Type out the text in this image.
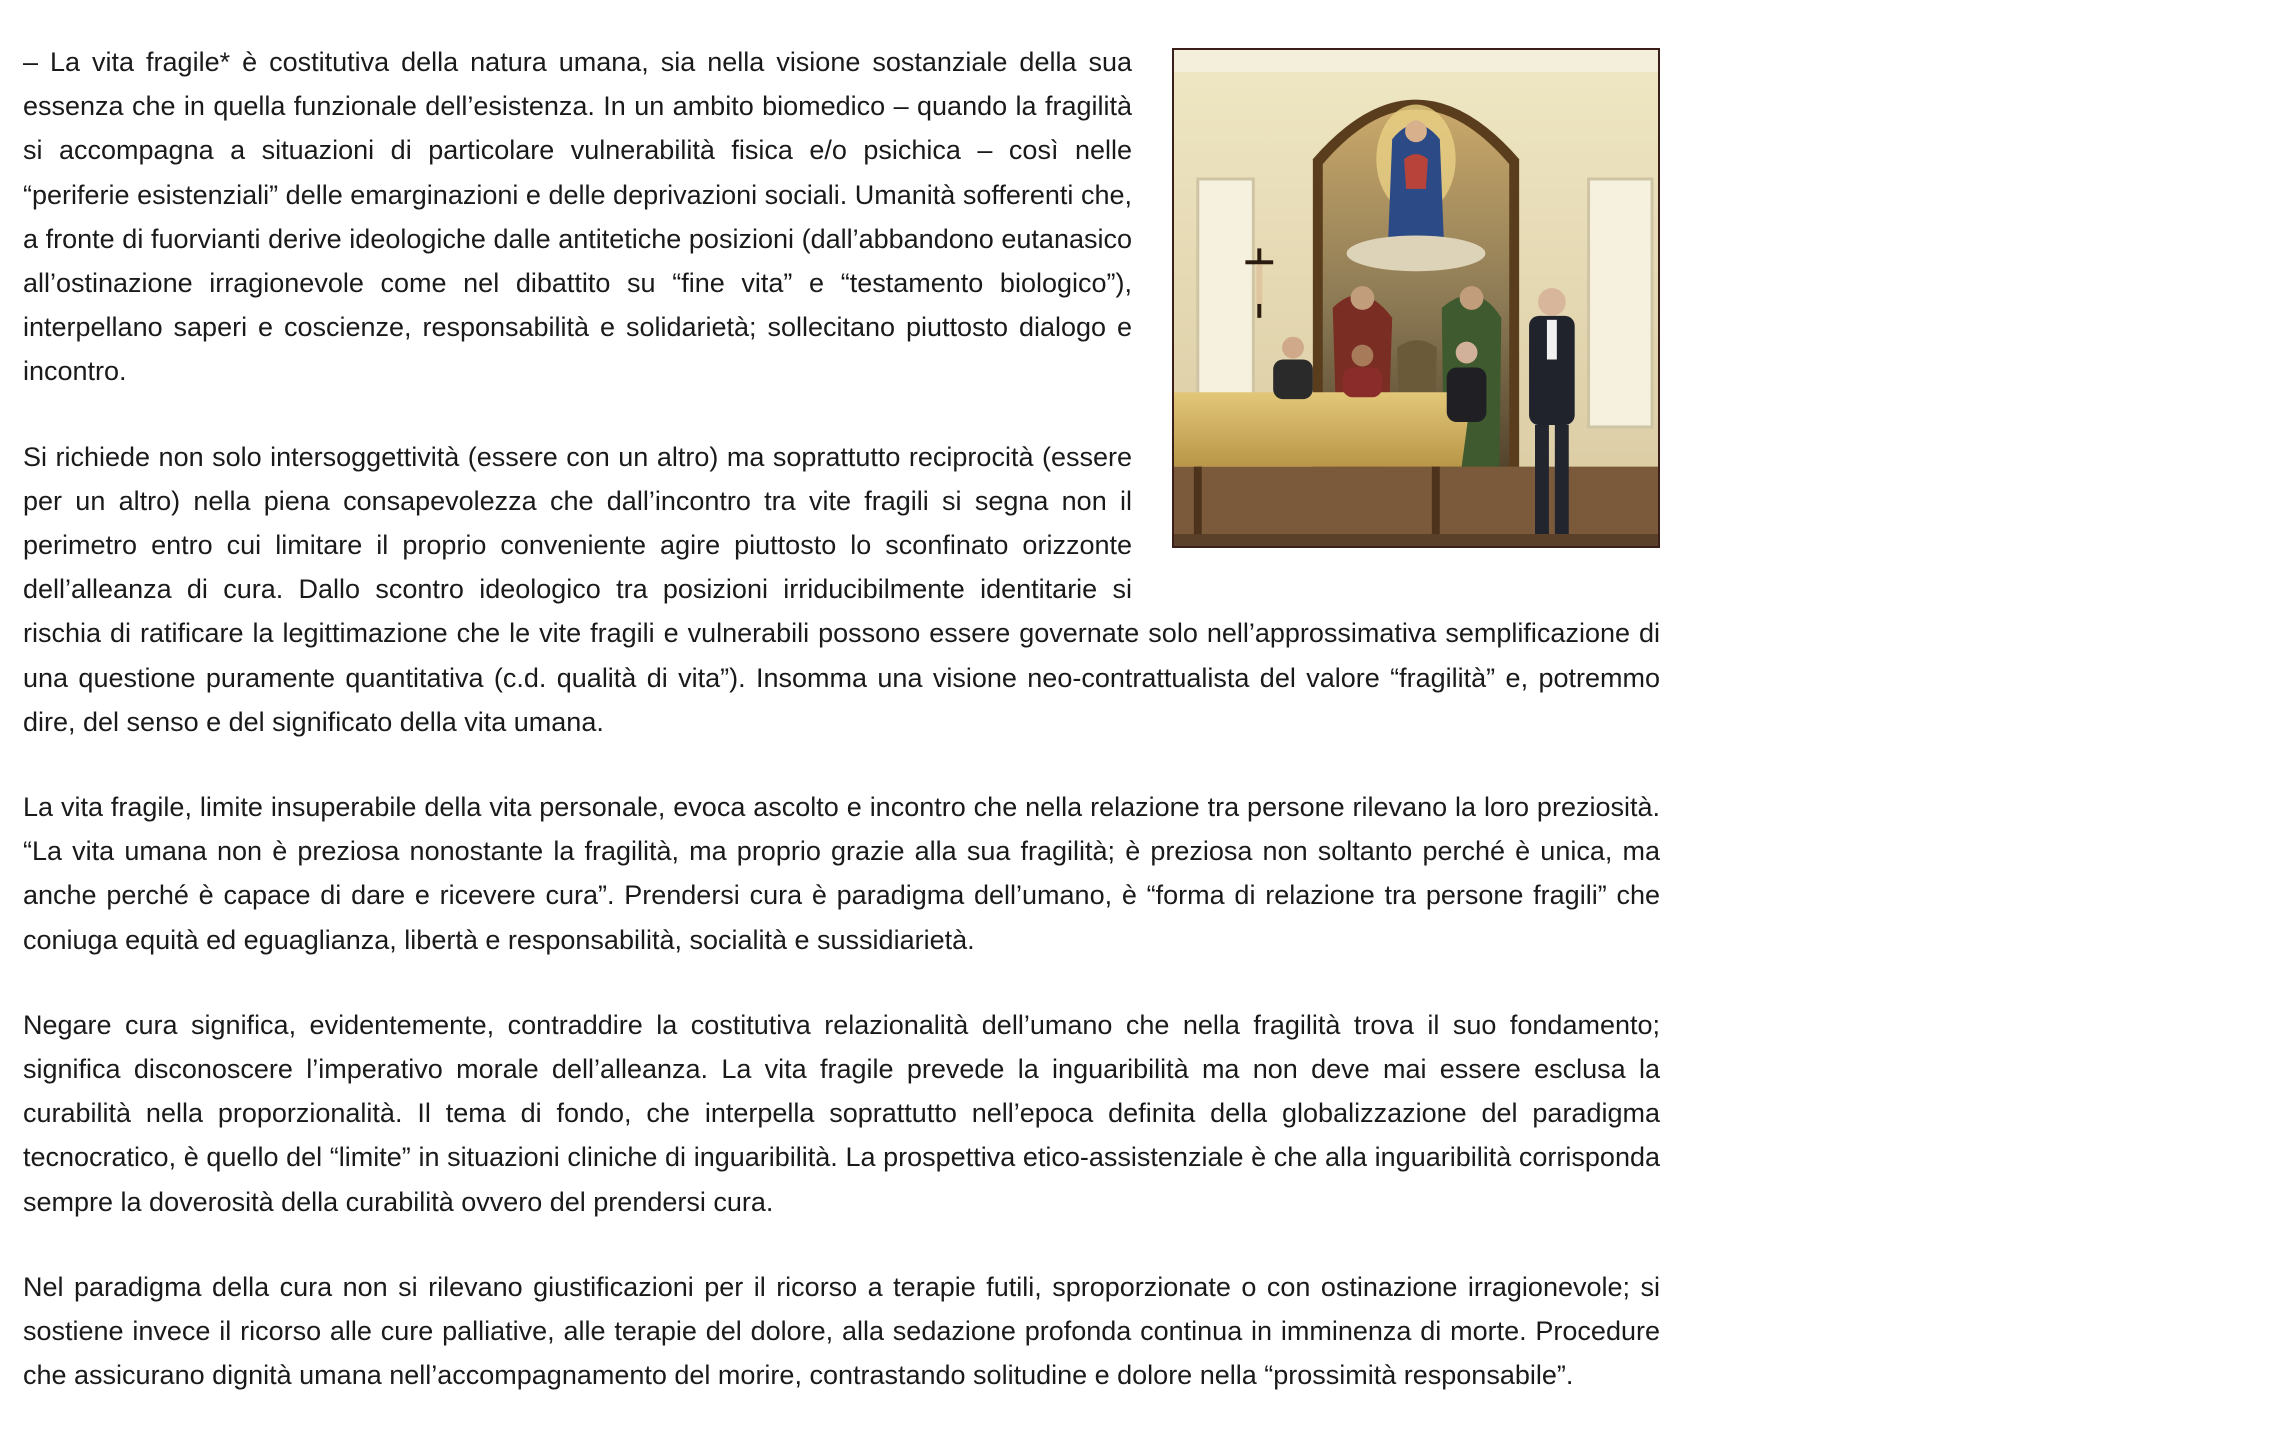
– La vita fragile* è costitutiva della natura umana, sia nella visione sostanziale della sua essenza che in quella funzionale dell’esistenza. In un ambito biomedico – quando la fragilità si accompagna a situazioni di particolare vulnerabilità fisica e/o psichica – così nelle “periferie esistenziali” delle emarginazioni e delle deprivazioni sociali. Umanità sofferenti che, a fronte di fuorvianti derive ideologiche dalle antitetiche posizioni (dall’abbandono eutanasico all’ostinazione irragionevole come nel dibattito su “fine vita” e “testamento biologico”), interpellano saperi e coscienze, responsabilità e solidarietà; sollecitano piuttosto dialogo e incontro.

Si richiede non solo intersoggettività (essere con un altro) ma soprattutto reciprocità (essere per un altro) nella piena consapevolezza che dall’incontro tra vite fragili si segna non il perimetro entro cui limitare il proprio conveniente agire piuttosto lo sconfinato orizzonte dell’alleanza di cura. Dallo scontro ideologico tra posizioni irriducibilmente identitarie si rischia di ratificare la legittimazione che le vite fragili e vulnerabili possono essere governate solo nell’approssimativa semplificazione di una questione puramente quantitativa (c.d. qualità di vita”). Insomma una visione neo-contrattualista del valore “fragilità” e, potremmo dire, del senso e del significato della vita umana.

La vita fragile, limite insuperabile della vita personale, evoca ascolto e incontro che nella relazione tra persone rilevano la loro preziosità. “La vita umana non è preziosa nonostante la fragilità, ma proprio grazie alla sua fragilità; è preziosa non soltanto perché è unica, ma anche perché è capace di dare e ricevere cura”. Prendersi cura è paradigma dell’umano, è “forma di relazione tra persone fragili” che coniuga equità ed eguaglianza, libertà e responsabilità, socialità e sussidiarietà.

Negare cura significa, evidentemente, contraddire la costitutiva relazionalità dell’umano che nella fragilità trova il suo fondamento; significa disconoscere l’imperativo morale dell’alleanza. La vita fragile prevede la inguaribilità ma non deve mai essere esclusa la curabilità nella proporzionalità. Il tema di fondo, che interpella soprattutto nell’epoca definita della globalizzazione del paradigma tecnocratico, è quello del “limite” in situazioni cliniche di inguaribilità. La prospettiva etico-assistenziale è che alla inguaribilità corrisponda sempre la doverosità della curabilità ovvero del prendersi cura.

Nel paradigma della cura non si rilevano giustificazioni per il ricorso a terapie futili, sproporzionate o con ostinazione irragionevole; si sostiene invece il ricorso alle cure palliative, alle terapie del dolore, alla sedazione profonda continua in imminenza di morte. Procedure che assicurano dignità umana nell’accompagnamento del morire, contrastando solitudine e dolore nella “prossimità responsabile”.
